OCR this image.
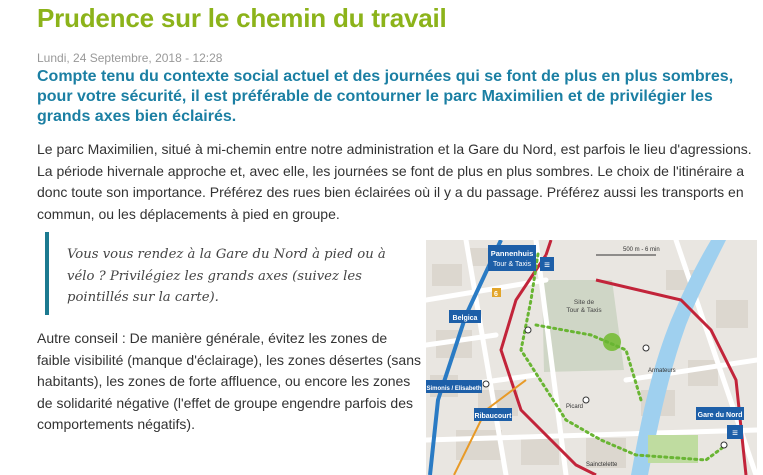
Prudence sur le chemin du travail
Lundi, 24 Septembre, 2018 - 12:28

Compte tenu du contexte social actuel et des journées qui se font de plus en plus sombres, pour votre sécurité, il est préférable de contourner le parc Maximilien et de privilégier les grands axes bien éclairés.

Le parc Maximilien, situé à mi-chemin entre notre administration et la Gare du Nord, est parfois le lieu d'agressions. La période hivernale approche et, avec elle, les journées se font de plus en plus sombres. Le choix de l'itinéraire a donc toute son importance. Préférez des rues bien éclairées où il y a du passage. Préférez aussi les transports en commun, ou les déplacements à pied en groupe.

Vous vous rendez à la Gare du Nord à pied ou à vélo ? Privilégiez les grands axes (suivez les pointillés sur la carte).

Autre conseil : De manière générale, évitez les zones de faible visibilité (manque d'éclairage), les zones désertes (sans habitants), les zones de forte affluence, ou encore les zones de solidarité négative (l'effet de groupe engendre parfois des comportements négatifs).

≡
≡
Pannenhuis
Tour & Taxis
500 m - 6 min
Site de
Tour & Taxis
Belgica
Simonis / Elisabeth
Picard
Armateurs
Ribaucourt
Sainctelette
Gare du Nord
6
